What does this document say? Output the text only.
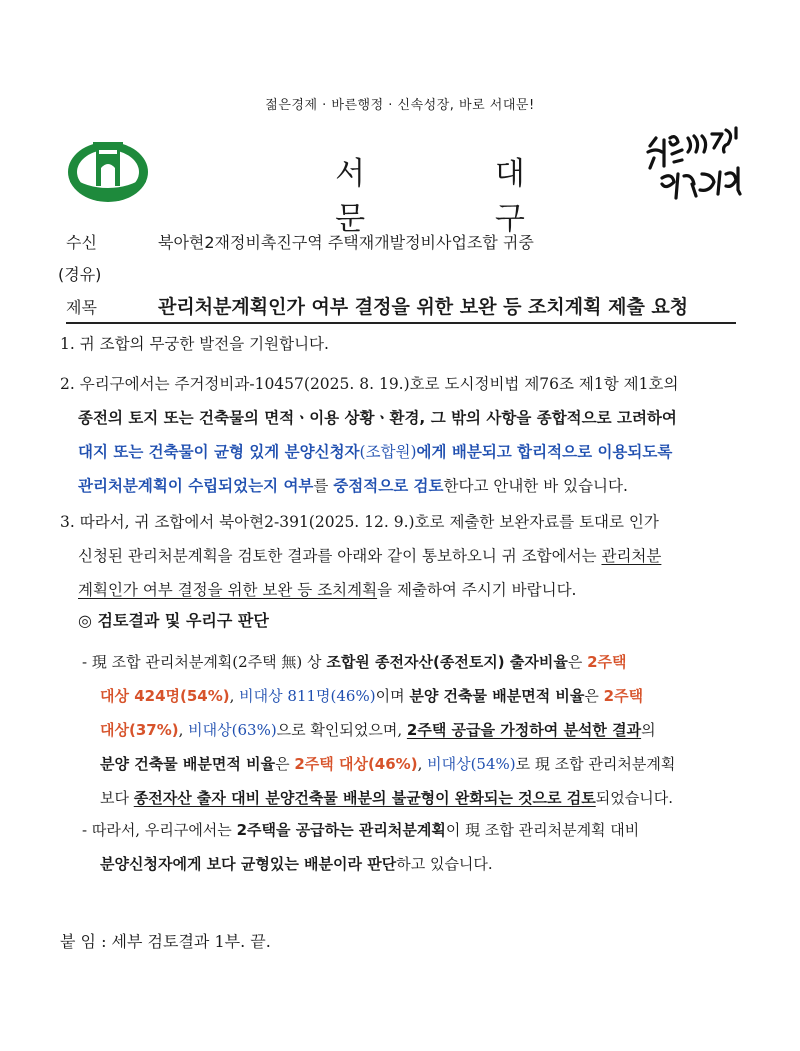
젊은경제 · 바른행정 · 신속성장, 바로 서대문!
서 대 문 구
수신	북아현2재정비촉진구역 주택재개발정비사업조합 귀중
(경유)
제목	관리처분계획인가 여부 결정을 위한 보완 등 조치계획 제출 요청

1. 귀 조합의 무궁한 발전을 기원합니다.

2. 우리구에서는 주거정비과-10457(2025. 8. 19.)호로 도시정비법 제76조 제1항 제1호의

종전의 토지 또는 건축물의 면적ㆍ이용 상황ㆍ환경, 그 밖의 사항을 종합적으로 고려하여

대지 또는 건축물이 균형 있게 분양신청자(조합원)에게 배분되고 합리적으로 이용되도록

관리처분계획이 수립되었는지 여부를 중점적으로 검토한다고 안내한 바 있습니다.

3. 따라서, 귀 조합에서 북아현2-391(2025. 12. 9.)호로 제출한 보완자료를 토대로 인가

신청된 관리처분계획을 검토한 결과를 아래와 같이 통보하오니 귀 조합에서는 관리처분

계획인가 여부 결정을 위한 보완 등 조치계획을 제출하여 주시기 바랍니다.

◎ 검토결과 및 우리구 판단

- 現 조합 관리처분계획(2주택 無) 상 조합원 종전자산(종전토지) 출자비율은 2주택

대상 424명(54%), 비대상 811명(46%)이며 분양 건축물 배분면적 비율은 2주택

대상(37%), 비대상(63%)으로 확인되었으며, 2주택 공급을 가정하여 분석한 결과의

분양 건축물 배분면적 비율은 2주택 대상(46%), 비대상(54%)로 現 조합 관리처분계획

보다 종전자산 출자 대비 분양건축물 배분의 불균형이 완화되는 것으로 검토되었습니다.

- 따라서, 우리구에서는 2주택을 공급하는 관리처분계획이 現 조합 관리처분계획 대비

분양신청자에게 보다 균형있는 배분이라 판단하고 있습니다.

붙 임 : 세부 검토결과 1부. 끝.
